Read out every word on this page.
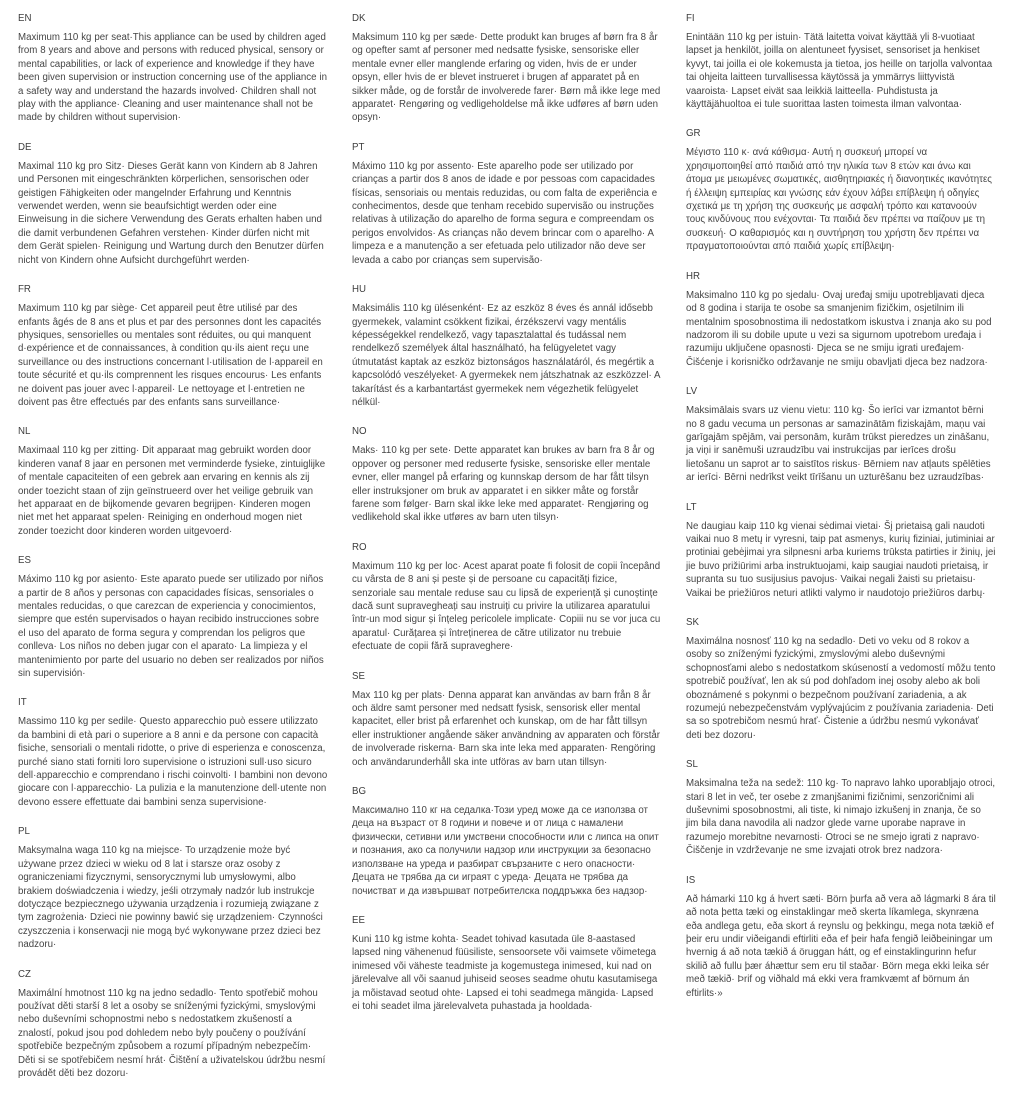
EN

Maximum 110 kg per seat·This appliance can be used by children aged from 8 years and above and persons with reduced physical, sensory or mental capabilities, or lack of experience and knowledge if they have been given supervision or instruction concerning use of the appliance in a safety way and understand the hazards involved· Children shall not play with the appliance· Cleaning and user maintenance shall not be made by children without supervision·

DE

Maximal 110 kg pro Sitz· Dieses Gerät kann von Kindern ab 8 Jahren und Personen mit eingeschränkten körperlichen, sensorischen oder geistigen Fähigkeiten oder mangelnder Erfahrung und Kenntnis verwendet werden, wenn sie beaufsichtigt werden oder eine Einweisung in die sichere Verwendung des Gerats erhalten haben und die damit verbundenen Gefahren verstehen· Kinder dürfen nicht mit dem Gerät spielen· Reinigung und Wartung durch den Benutzer dürfen nicht von Kindern ohne Aufsicht durchgeführt werden·

FR

Maximum 110 kg par siège· Cet appareil peut être utilisé par des enfants âgés de 8 ans et plus et par des personnes dont les capacités physiques, sensorielles ou mentales sont réduites, ou qui manquent d·expérience et de connaissances, à condition qu·ils aient reçu une surveillance ou des instructions concernant l·utilisation de l·appareil en toute sécurité et qu·ils comprennent les risques encourus· Les enfants ne doivent pas jouer avec l·appareil· Le nettoyage et l·entretien ne doivent pas être effectués par des enfants sans surveillance·

NL

Maximaal 110 kg per zitting· Dit apparaat mag gebruikt worden door kinderen vanaf 8 jaar en personen met verminderde fysieke, zintuiglijke of mentale capaciteiten of een gebrek aan ervaring en kennis als zij onder toezicht staan of zijn geïnstrueerd over het veilige gebruik van het apparaat en de bijkomende gevaren begrijpen· Kinderen mogen niet met het apparaat spelen· Reiniging en onderhoud mogen niet zonder toezicht door kinderen worden uitgevoerd·

ES

Máximo 110 kg por asiento· Este aparato puede ser utilizado por niños a partir de 8 años y personas con capacidades físicas, sensoriales o mentales reducidas, o que carezcan de experiencia y conocimientos, siempre que estén supervisados o hayan recibido instrucciones sobre el uso del aparato de forma segura y comprendan los peligros que conlleva· Los niños no deben jugar con el aparato· La limpieza y el mantenimiento por parte del usuario no deben ser realizados por niños sin supervisión·

IT

Massimo 110 kg per sedile· Questo apparecchio può essere utilizzato da bambini di età pari o superiore a 8 anni e da persone con capacità fisiche, sensoriali o mentali ridotte, o prive di esperienza e conoscenza, purché siano stati forniti loro supervisione o istruzioni sull·uso sicuro dell·apparecchio e comprendano i rischi coinvolti· I bambini non devono giocare con l·apparecchio· La pulizia e la manutenzione dell·utente non devono essere effettuate dai bambini senza supervisione·

PL

Maksymalna waga 110 kg na miejsce· To urządzenie może być używane przez dzieci w wieku od 8 lat i starsze oraz osoby z ograniczeniami fizycznymi, sensorycznymi lub umysłowymi, albo brakiem doświadczenia i wiedzy, jeśli otrzymały nadzór lub instrukcje dotyczące bezpiecznego używania urządzenia i rozumieją związane z tym zagrożenia· Dzieci nie powinny bawić się urządzeniem· Czynności czyszczenia i konserwacji nie mogą być wykonywane przez dzieci bez nadzoru·

CZ

Maximální hmotnost 110 kg na jedno sedadlo· Tento spotřebič mohou používat děti starší 8 let a osoby se sníženými fyzickými, smyslovými nebo duševními schopnostmi nebo s nedostatkem zkušeností a znalostí, pokud jsou pod dohledem nebo byly poučeny o používání spotřebiče bezpečným způsobem a rozumí případným nebezpečím· Děti si se spotřebičem nesmí hrát· Čištění a uživatelskou údržbu nesmí provádět děti bez dozoru·

DK

Maksimum 110 kg per sæde· Dette produkt kan bruges af børn fra 8 år og opefter samt af personer med nedsatte fysiske, sensoriske eller mentale evner eller manglende erfaring og viden, hvis de er under opsyn, eller hvis de er blevet instrueret i brugen af apparatet på en sikker måde, og de forstår de involverede farer· Børn må ikke lege med apparatet· Rengøring og vedligeholdelse må ikke udføres af børn uden opsyn·

PT

Máximo 110 kg por assento· Este aparelho pode ser utilizado por crianças a partir dos 8 anos de idade e por pessoas com capacidades físicas, sensoriais ou mentais reduzidas, ou com falta de experiência e conhecimentos, desde que tenham recebido supervisão ou instruções relativas à utilização do aparelho de forma segura e compreendam os perigos envolvidos· As crianças não devem brincar com o aparelho· A limpeza e a manutenção a ser efetuada pelo utilizador não deve ser levada a cabo por crianças sem supervisão·

HU

Maksimális 110 kg ülésenként· Ez az eszköz 8 éves és annál idősebb gyermekek, valamint csökkent fizikai, érzékszervi vagy mentális képességekkel rendelkező, vagy tapasztalattal és tudással nem rendelkező személyek által használható, ha felügyeletet vagy útmutatást kaptak az eszköz biztonságos használatáról, és megértik a kapcsolódó veszélyeket· A gyermekek nem játszhatnak az eszközzel· A takarítást és a karbantartást gyermekek nem végezhetik felügyelet nélkül·

NO

Maks· 110 kg per sete· Dette apparatet kan brukes av barn fra 8 år og oppover og personer med reduserte fysiske, sensoriske eller mentale evner, eller mangel på erfaring og kunnskap dersom de har fått tilsyn eller instruksjoner om bruk av apparatet i en sikker måte og forstår farene som følger· Barn skal ikke leke med apparatet· Rengjøring og vedlikehold skal ikke utføres av barn uten tilsyn·

RO

Maximum 110 kg per loc· Acest aparat poate fi folosit de copii începând cu vârsta de 8 ani și peste și de persoane cu capacități fizice, senzoriale sau mentale reduse sau cu lipsă de experiență și cunoștințe dacă sunt supravegheați sau instruiți cu privire la utilizarea aparatului într-un mod sigur și înțeleg pericolele implicate· Copiii nu se vor juca cu aparatul· Curățarea și întreținerea de către utilizator nu trebuie efectuate de copii fără supraveghere·

SE

Max 110 kg per plats· Denna apparat kan användas av barn från 8 år och äldre samt personer med nedsatt fysisk, sensorisk eller mental kapacitet, eller brist på erfarenhet och kunskap, om de har fått tillsyn eller instruktioner angående säker användning av apparaten och förstår de involverade riskerna· Barn ska inte leka med apparaten· Rengöring och användarunderhåll ska inte utföras av barn utan tillsyn·

BG

Максимално 110 кг на седалка·Този уред може да се използва от деца на възраст от 8 години и повече и от лица с намалени физически, сетивни или умствени способности или с липса на опит и познания, ако са получили надзор или инструкции за безопасно използване на уреда и разбират свързаните с него опасности· Децата не трябва да си играят с уреда· Децата не трябва да почистват и да извършват потребителска поддръжка без надзор·

EE

Kuni 110 kg istme kohta· Seadet tohivad kasutada üle 8-aastased lapsed ning vähenenud füüsiliste, sensoorsete või vaimsete võimetega inimesed või väheste teadmiste ja kogemustega inimesed, kui nad on järelevalve all või saanud juhiseid seoses seadme ohutu kasutamisega ja mõistavad seotud ohte· Lapsed ei tohi seadmega mängida· Lapsed ei tohi seadet ilma järelevalveta puhastada ja hooldada·

FI

Enintään 110 kg per istuin· Tätä laitetta voivat käyttää yli 8-vuotiaat lapset ja henkilöt, joilla on alentuneet fyysiset, sensoriset ja henkiset kyvyt, tai joilla ei ole kokemusta ja tietoa, jos heille on tarjolla valvontaa tai ohjeita laitteen turvallisessa käytössä ja ymmärrys liittyvistä vaaroista· Lapset eivät saa leikkiä laitteella· Puhdistusta ja käyttäjähuoltoa ei tule suorittaa lasten toimesta ilman valvontaa·

GR

Μέγιστο 110 κ· ανά κάθισμα· Αυτή η συσκευή μπορεί να χρησιμοποιηθεί από παιδιά από την ηλικία των 8 ετών και άνω και άτομα με μειωμένες σωματικές, αισθητηριακές ή διανοητικές ικανότητες ή έλλειψη εμπειρίας και γνώσης εάν έχουν λάβει επίβλεψη ή οδηγίες σχετικά με τη χρήση της συσκευής με ασφαλή τρόπο και κατανοούν τους κινδύνους που ενέχονται· Τα παιδιά δεν πρέπει να παίζουν με τη συσκευή· Ο καθαρισμός και η συντήρηση του χρήστη δεν πρέπει να πραγματοποιούνται από παιδιά χωρίς επίβλεψη·

HR

Maksimalno 110 kg po sjedalu· Ovaj uređaj smiju upotrebljavati djeca od 8 godina i starija te osobe sa smanjenim fizičkim, osjetilnim ili mentalnim sposobnostima ili nedostatkom iskustva i znanja ako su pod nadzorom ili su dobile upute u vezi sa sigurnom upotrebom uređaja i razumiju uključene opasnosti· Djeca se ne smiju igrati uređajem· Čišćenje i korisničko održavanje ne smiju obavljati djeca bez nadzora·

LV

Maksimālais svars uz vienu vietu: 110 kg· Šo ierīci var izmantot bērni no 8 gadu vecuma un personas ar samazinātām fiziskajām, maņu vai garīgajām spējām, vai personām, kurām trūkst pieredzes un zināšanu, ja viņi ir sanēmuši uzraudzību vai instrukcijas par ierīces drošu lietošanu un saprot ar to saistītos riskus· Bērniem nav atļauts spēlēties ar ierīci· Bērni nedrīkst veikt tīrīšanu un uzturēšanu bez uzraudzības·

LT

Ne daugiau kaip 110 kg vienai sėdimai vietai· Šį prietaisą gali naudoti vaikai nuo 8 metų ir vyresni, taip pat asmenys, kurių fiziniai, jutiminiai ar protiniai gebėjimai yra silpnesni arba kuriems trūksta patirties ir žinių, jei jie buvo prižiūrimi arba instruktuojami, kaip saugiai naudoti prietaisą, ir supranta su tuo susijusius pavojus· Vaikai negali žaisti su prietaisu· Vaikai be priežiūros neturi atlikti valymo ir naudotojo priežiūros darbų·

SK

Maximálna nosnosť 110 kg na sedadlo· Deti vo veku od 8 rokov a osoby so zníženými fyzickými, zmyslovými alebo duševnými schopnosťami alebo s nedostatkom skúseností a vedomostí môžu tento spotrebič používať, len ak sú pod dohľadom inej osoby alebo ak boli oboznámené s pokynmi o bezpečnom používaní zariadenia, a ak rozumejú nebezpečenstvám vyplývajúcim z používania zariadenia· Deti sa so spotrebičom nesmú hrať· Čistenie a údržbu nesmú vykonávať deti bez dozoru·

SL

Maksimalna teža na sedež: 110 kg· To napravo lahko uporabljajo otroci, stari 8 let in več, ter osebe z zmanjšanimi fizičnimi, senzoričnimi ali duševnimi sposobnostmi, ali tiste, ki nimajo izkušenj in znanja, če so jim bila dana navodila ali nadzor glede varne uporabe naprave in razumejo morebitne nevarnosti· Otroci se ne smejo igrati z napravo· Čiščenje in vzdrževanje ne sme izvajati otrok brez nadzora·

IS

Að hámarki 110 kg á hvert sæti· Börn þurfa að vera að lágmarki 8 ára til að nota þetta tæki og einstaklingar með skerta líkamlega, skynræna eða andlega getu, eða skort á reynslu og þekkingu, mega nota tækið ef þeir eru undir viðeigandi eftirliti eða ef þeir hafa fengið leiðbeiningar um hvernig á að nota tækið á öruggan hátt, og ef einstaklingurinn hefur skilið að fullu þær áhættur sem eru til staðar· Börn mega ekki leika sér með tækið· Þrif og viðhald má ekki vera framkvæmt af börnum án eftirlits·»
